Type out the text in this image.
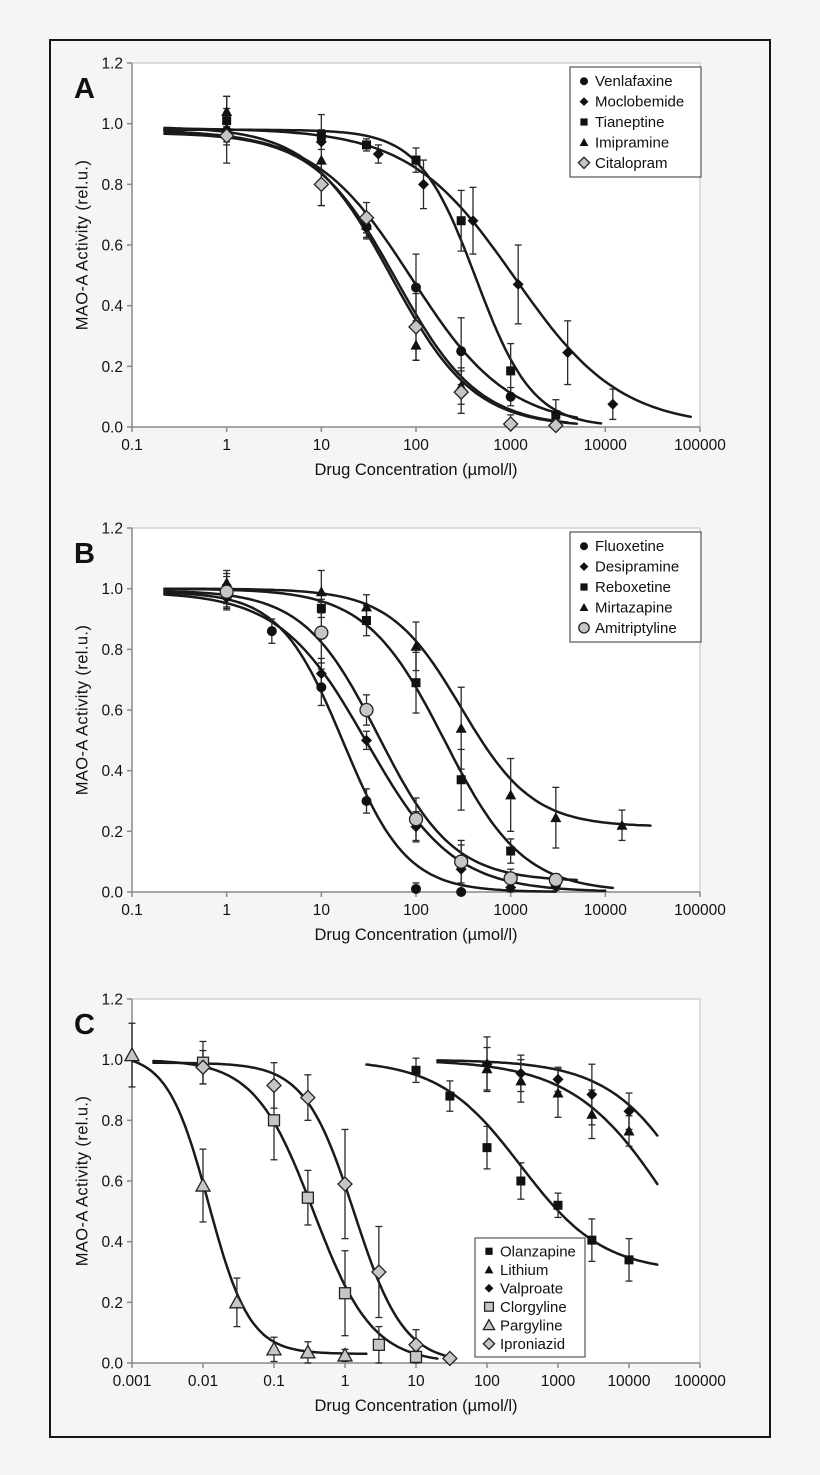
0.0
0.2
0.4
0.6
0.8
1.0
1.2
0.1	1	10	100	1000	10000	100000
Venlafaxine
Moclobemide
Tianeptine
Imipramine
Citalopram
A
Drug Concentration (µmol/l)
MAO-A Activity (rel.u.)
0.0
0.2
0.4
0.6
0.8
1.0
1.2
0.1	1	10	100	1000	10000	100000
Fluoxetine
Desipramine
Reboxetine
Mirtazapine
Amitriptyline
B
Drug Concentration (µmol/l)
MAO-A Activity (rel.u.)
0.0
0.2
0.4
0.6
0.8
1.0
1.2
0.001 0.01	0.1	1	10	100	1000 10000 100000
Olanzapine
Lithium
Valproate
Clorgyline
Pargyline
Iproniazid
C
Drug Concentration (µmol/l)
MAO-A Activity (rel.u.)
